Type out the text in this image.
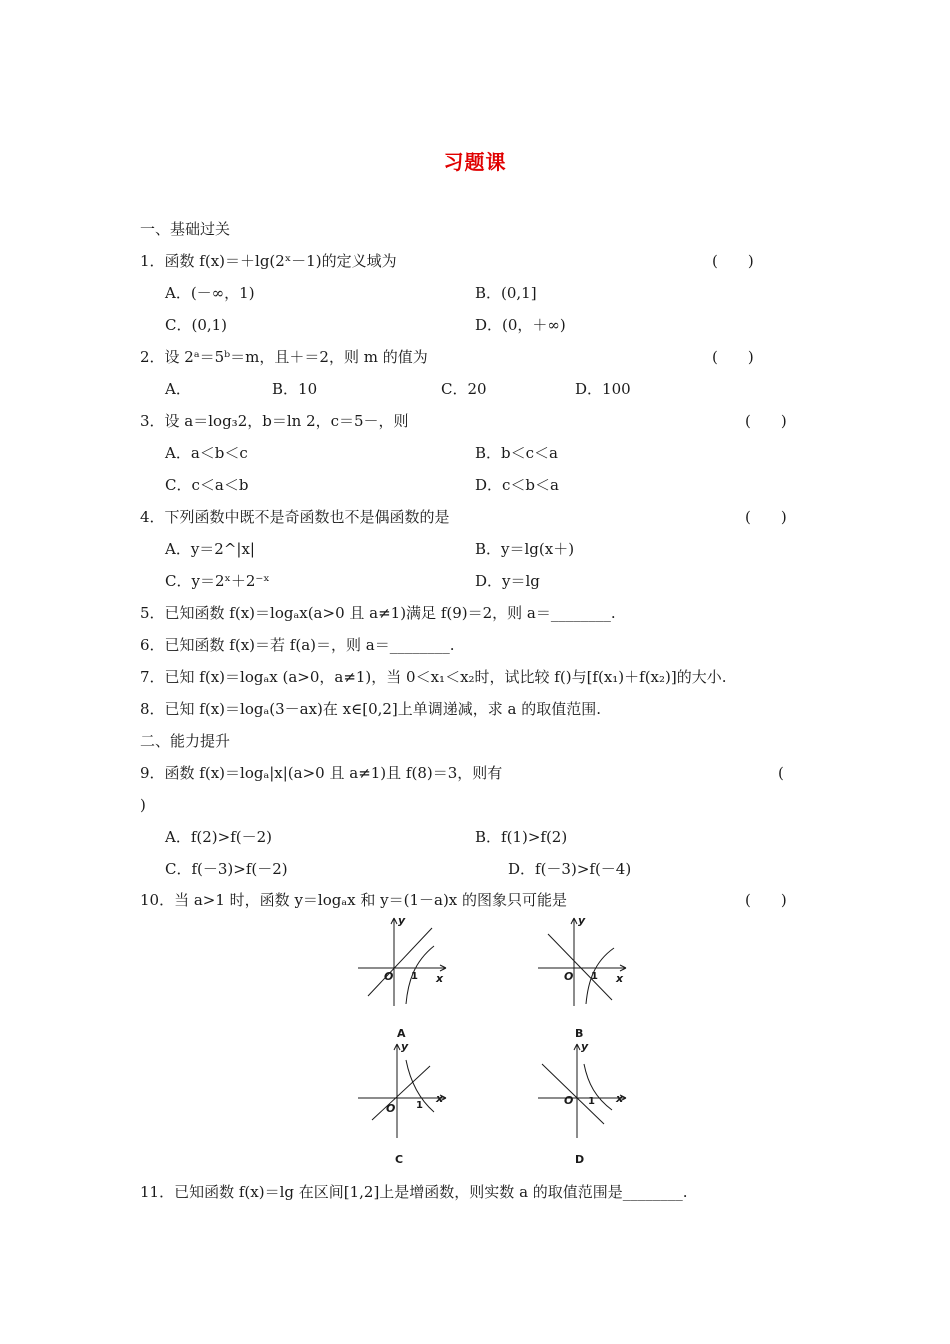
习题课
一、基础过关
1．函数 f(x)＝＋lg(2ˣ－1)的定义域为	(　　)
A．(－∞，1)	B．(0,1]
C．(0,1)	D．(0，＋∞)
2．设 2ᵃ＝5ᵇ＝m，且＋＝2，则 m 的值为	(　　)
A．	B．10	C．20	D．100
3．设 a＝log₃2，b＝ln 2，c＝5－，则	(　　)
A．a＜b＜c	B．b＜c＜a
C．c＜a＜b	D．c＜b＜a
4．下列函数中既不是奇函数也不是偶函数的是	(　　)
A．y＝2^|x|	B．y＝lg(x＋)
C．y＝2ˣ＋2⁻ˣ	D．y＝lg
5．已知函数 f(x)＝logₐx(a>0 且 a≠1)满足 f(9)＝2，则 a＝________.
6．已知函数 f(x)＝若 f(a)＝，则 a＝________.
7．已知 f(x)＝logₐx (a>0，a≠1)，当 0＜x₁＜x₂时，试比较 f()与[f(x₁)＋f(x₂)]的大小.
8．已知 f(x)＝logₐ(3－ax)在 x∈[0,2]上单调递减，求 a 的取值范围.
二、能力提升
9．函数 f(x)＝logₐ|x|(a>0 且 a≠1)且 f(8)＝3，则有	(
)
A．f(2)>f(－2)	B．f(1)>f(2)
C．f(－3)>f(－2)	D．f(－3)>f(－4)
10．当 a>1 时，函数 y＝logₐx 和 y＝(1－a)x 的图象只可能是	(　　)
y
x
O 1
y
x
O 1
A	B
y
x
O 1
y
x
O 1
C	D
11．已知函数 f(x)＝lg 在区间[1,2]上是增函数，则实数 a 的取值范围是________.
